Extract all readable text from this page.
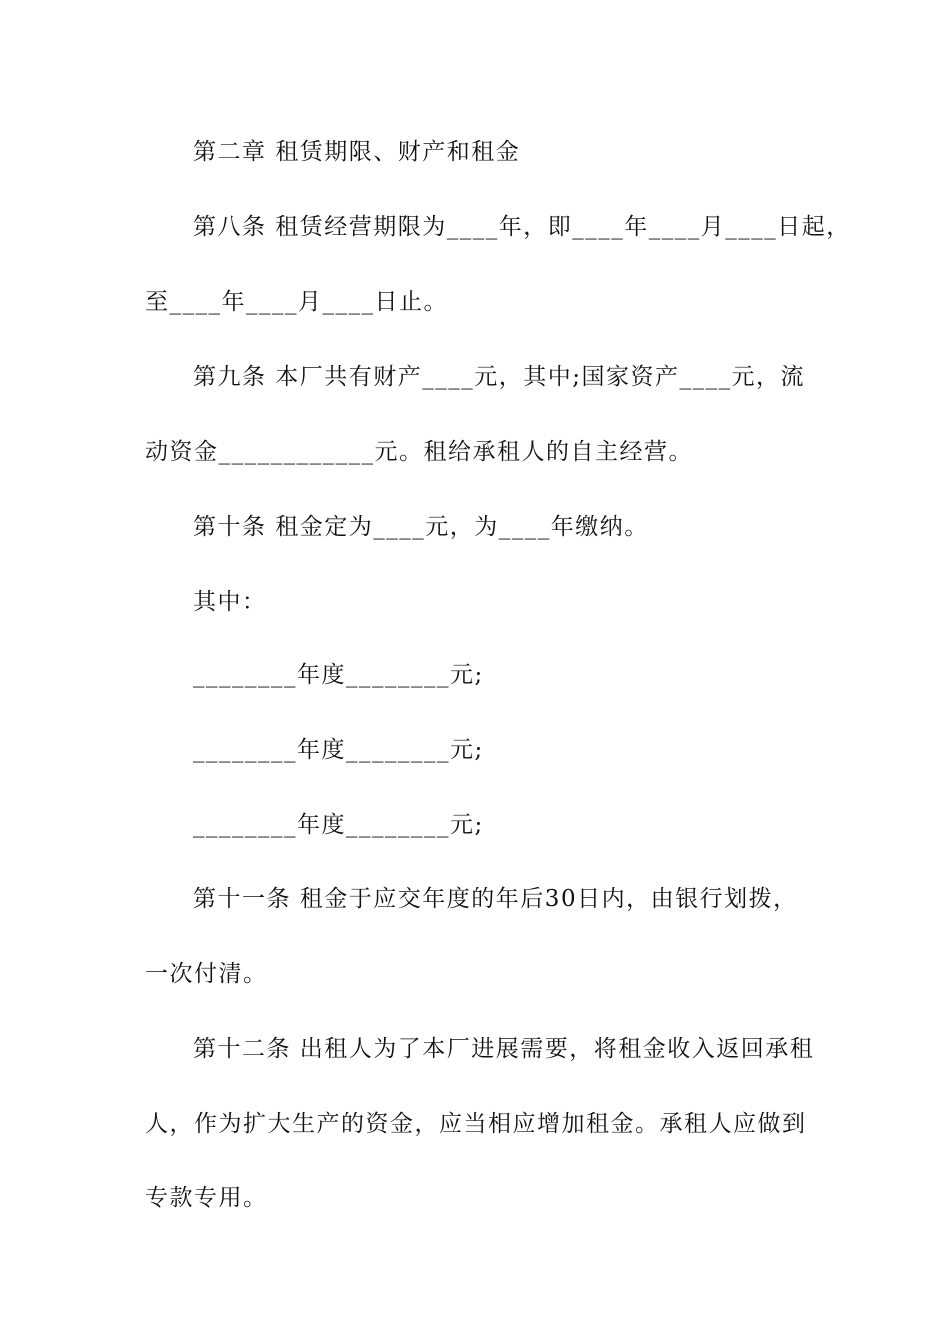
第二章 租赁期限、财产和租金
第八条 租赁经营期限为____年，即____年____月____日起，
至____年____月____日止。
第九条 本厂共有财产____元，其中;国家资产____元，流
动资金____________元。租给承租人的自主经营。
第十条 租金定为____元，为____年缴纳。
其中：
________年度________元;
________年度________元;
________年度________元;
第十一条 租金于应交年度的年后30日内，由银行划拨，
一次付清。
第十二条 出租人为了本厂进展需要，将租金收入返回承租
人，作为扩大生产的资金，应当相应增加租金。承租人应做到
专款专用。
